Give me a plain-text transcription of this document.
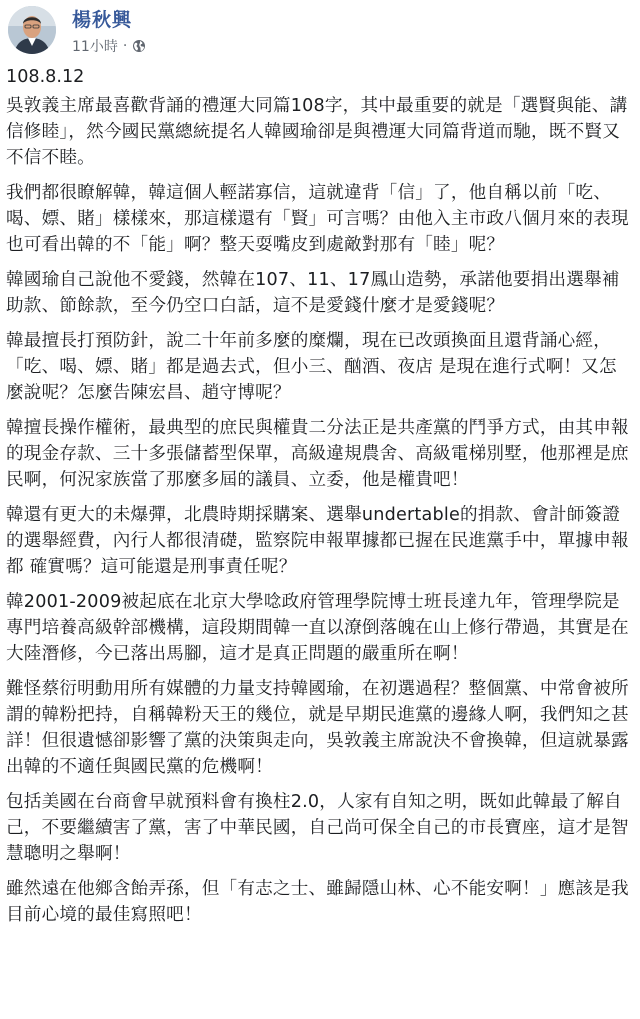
楊秋興
11小時 ·

108.8.12

吳敦義主席最喜歡背誦的禮運大同篇108字，其中最重要的就是「選賢與能、講信修睦」，然今國民黨總統提名人韓國瑜卻是與禮運大同篇背道而馳，既不賢又不信不睦。

我們都很瞭解韓，韓這個人輕諾寡信，這就違背「信」了，他自稱以前「吃、喝、嫖、賭」樣樣來，那這樣還有「賢」可言嗎？由他入主市政八個月來的表現也可看出韓的不「能」啊？整天耍嘴皮到處敵對那有「睦」呢？

韓國瑜自己說他不愛錢，然韓在107、11、17鳳山造勢，承諾他要捐出選舉補助款、節餘款，至今仍空口白話，這不是愛錢什麼才是愛錢呢？

韓最擅長打預防針，說二十年前多麼的糜爛，現在已改頭換面且還背誦心經，「吃、喝、嫖、賭」都是過去式，但小三、酗酒、夜店 是現在進行式啊！又怎麼說呢？怎麼告陳宏昌、趙守博呢？

韓擅長操作權術，最典型的庶民與權貴二分法正是共產黨的鬥爭方式，由其申報的現金存款、三十多張儲蓄型保單，高級違規農舍、高級電梯別墅，他那裡是庶民啊，何況家族當了那麼多屆的議員、立委，他是權貴吧！

韓還有更大的未爆彈，北農時期採購案、選舉undertable的捐款、會計師簽證的選舉經費，內行人都很清礎，監察院申報單據都已握在民進黨手中，單據申報都 確實嗎？這可能還是刑事責任呢？

韓2001-2009被起底在北京大學唸政府管理學院博士班長達九年，管理學院是專門培養高級幹部機構，這段期間韓一直以潦倒落魄在山上修行帶過，其實是在大陸潛修，今已落出馬腳，這才是真正問題的嚴重所在啊！

難怪蔡衍明動用所有媒體的力量支持韓國瑜，在初選過程？整個黨、中常會被所謂的韓粉把持，自稱韓粉天王的幾位，就是早期民進黨的邊緣人啊，我們知之甚詳！但很遺憾卻影響了黨的決策與走向，吳敦義主席說決不會換韓，但這就暴露出韓的不適任與國民黨的危機啊！

包括美國在台商會早就預料會有換柱2.0，人家有自知之明，既如此韓最了解自己，不要繼續害了黨，害了中華民國，自己尚可保全自己的市長寶座，這才是智慧聰明之舉啊！

雖然遠在他鄉含飴弄孫，但「有志之士、雖歸隱山林、心不能安啊！」應該是我目前心境的最佳寫照吧！
